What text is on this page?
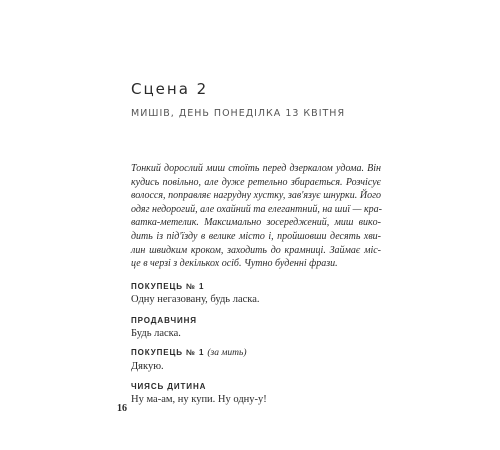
Сцена 2
МИШІВ, ДЕНЬ ПОНЕДІЛКА 13 КВІТНЯ
Тонкий дорослий миш стоїть перед дзеркалом удома. Він
кудись повільно, але дуже ретельно збирається. Розчісує
волосся, поправляє нагрудну хустку, зав'язує шнурки. Його
одяг недорогий, але охайний та елегантний, на шиї — кра-
ватка-метелик. Максимально зосереджений, миш викo-
дить із під'їзду в велике місто і, пройшовши десять хви-
лин швидким кроком, заходить до крамниці. Займає міс-
це в черзі з декількох осіб. Чутно буденні фрази.
ПОКУПЕЦЬ № 1
Одну негазовану, будь ласка.
ПРОДАВЧИНЯ
Будь ласка.
ПОКУПЕЦЬ № 1 (за мить)
Дякую.
ЧИЯСЬ ДИТИНА
Ну ма-ам, ну купи. Ну одну-у!
16
